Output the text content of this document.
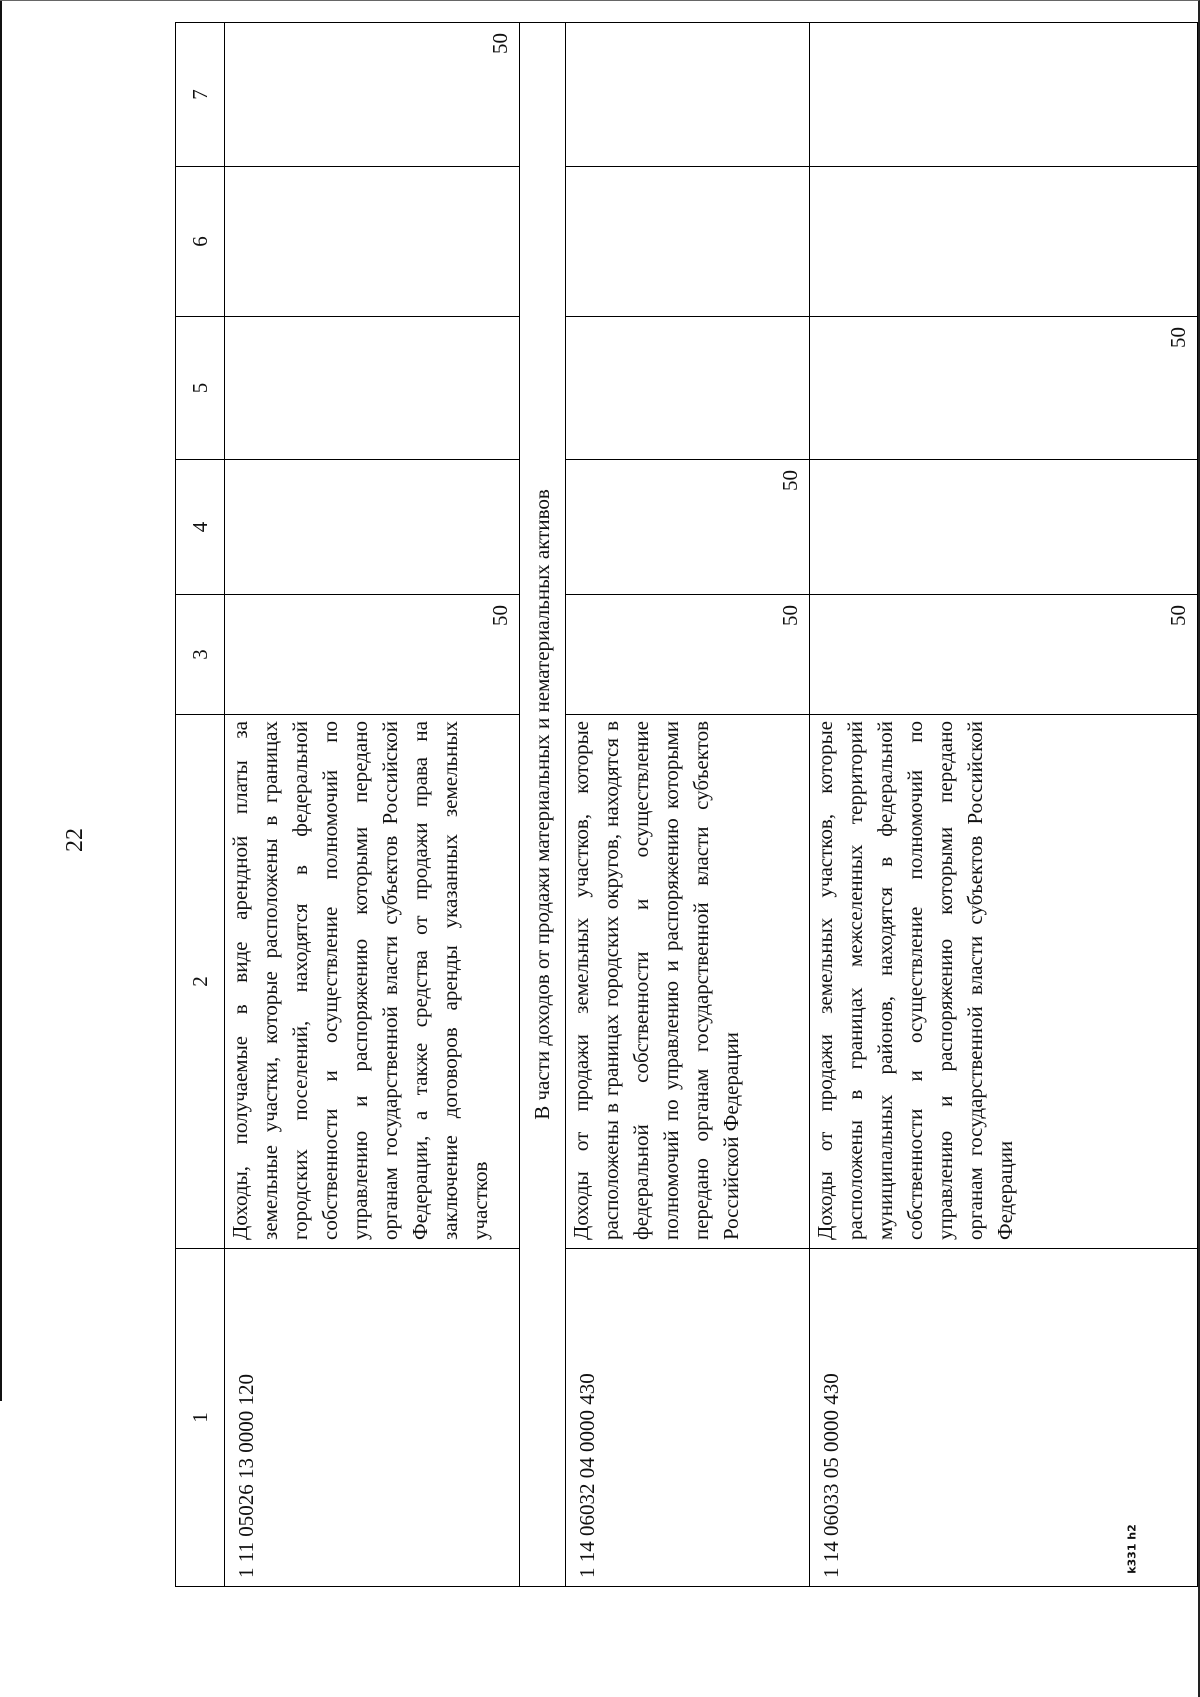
22
1	2	3	4	5	6	7
1 11 05026 13 0000 120	Доходы, получаемые в виде арендной платы за земельные участки, которые расположены в границах городских поселений, находятся в федеральной собственности и осуществление полномочий по управлению и распоряжению которыми передано органам государственной власти субъектов Российской Федерации, а также средства от продажи права на заключение договоров аренды указанных земельных участков	50				50
В части доходов от продажи материальных и нематериальных активов						
1 14 06032 04 0000 430	Доходы от продажи земельных участков, которые расположены в границах городских округов, находятся в федеральной собственности и осуществление полномочий по управлению и распоряжению которыми передано органам государственной власти субъектов Российской Федерации	50	50			
1 14 06033 05 0000 430	Доходы от продажи земельных участков, которые расположены в границах межселенных территорий муниципальных районов, находятся в федеральной собственности и осуществление полномочий по управлению и распоряжению которыми передано органам государственной власти субъектов Российской Федерации	50		50		
k331 h2
